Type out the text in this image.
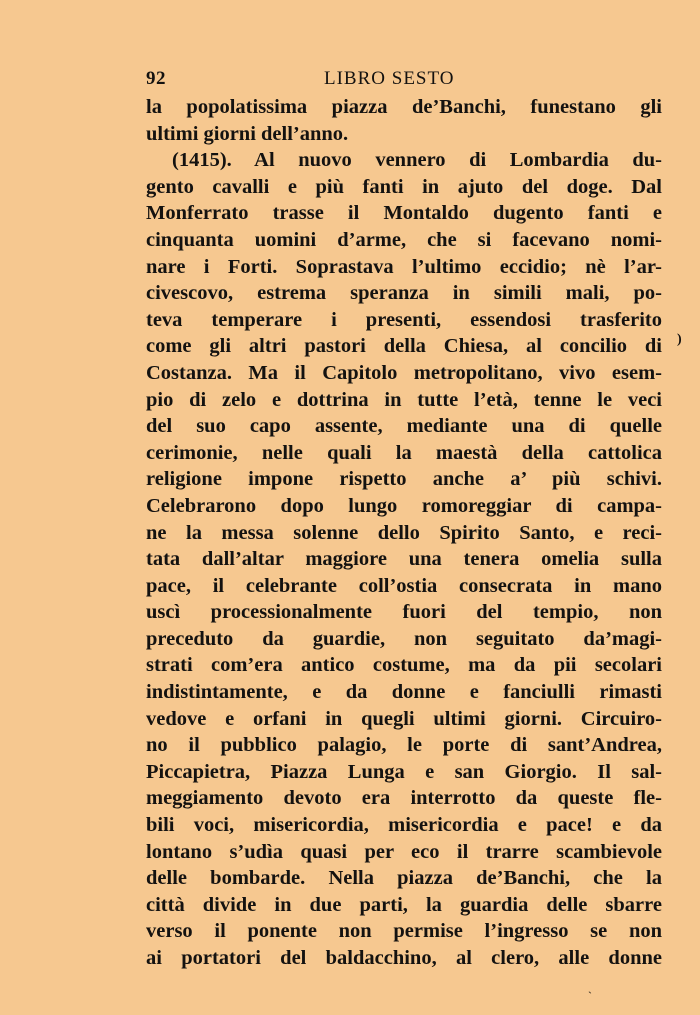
92	LIBRO SESTO
la popolatissima piazza de’Banchi, funestano gli
ultimi giorni dell’anno.
(1415). Al nuovo vennero di Lombardia du-
gento cavalli e più fanti in ajuto del doge. Dal
Monferrato trasse il Montaldo dugento fanti e
cinquanta uomini d’arme, che si facevano nomi-
nare i Forti. Soprastava l’ultimo eccidio; nè l’ar-
civescovo, estrema speranza in simili mali, po-
teva temperare i presenti, essendosi trasferito
come gli altri pastori della Chiesa, al concilio di
Costanza. Ma il Capitolo metropolitano, vivo esem-
pio di zelo e dottrina in tutte l’età, tenne le veci
del suo capo assente, mediante una di quelle
cerimonie, nelle quali la maestà della cattolica
religione impone rispetto anche a’ più schivi.
Celebrarono dopo lungo romoreggiar di campa-
ne la messa solenne dello Spirito Santo, e reci-
tata dall’altar maggiore una tenera omelia sulla
pace, il celebrante coll’ostia consecrata in mano
uscì processionalmente fuori del tempio, non
preceduto da guardie, non seguitato da’magi-
strati com’era antico costume, ma da pii secolari
indistintamente, e da donne e fanciulli rimasti
vedove e orfani in quegli ultimi giorni. Circuiro-
no il pubblico palagio, le porte di sant’Andrea,
Piccapietra, Piazza Lunga e san Giorgio. Il sal-
meggiamento devoto era interrotto da queste fle-
bili voci, misericordia, misericordia e pace! e da
lontano s’udìa quasi per eco il trarre scambievole
delle bombarde. Nella piazza de’Banchi, che la
città divide in due parti, la guardia delle sbarre
verso il ponente non permise l’ingresso se non
ai portatori del baldacchino, al clero, alle donne
)
ˏ
